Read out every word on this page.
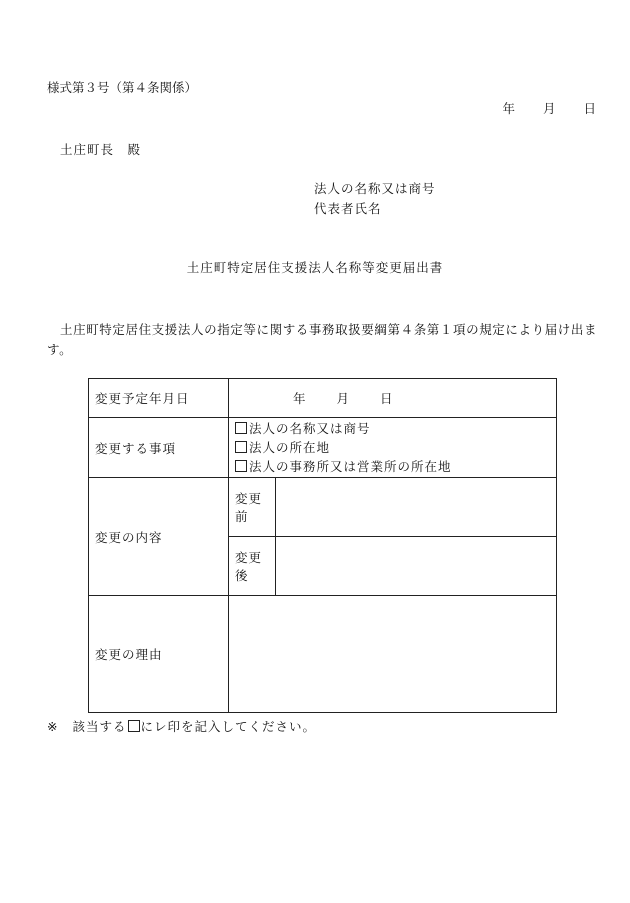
様式第３号（第４条関係）
年 月 日
土庄町長　殿
法人の名称又は商号
代表者氏名
土庄町特定居住支援法人名称等変更届出書
土庄町特定居住支援法人の指定等に関する事務取扱要綱第４条第１項の規定により届け出ます。
変更予定年月日	年 月 日	
変更する事項	法人の名称又は商号
法人の所在地
法人の事務所又は営業所の所在地	

変更の内容	変更前	
	変更後	
変更の理由		
※ 該当する にレ印を記入してください。
